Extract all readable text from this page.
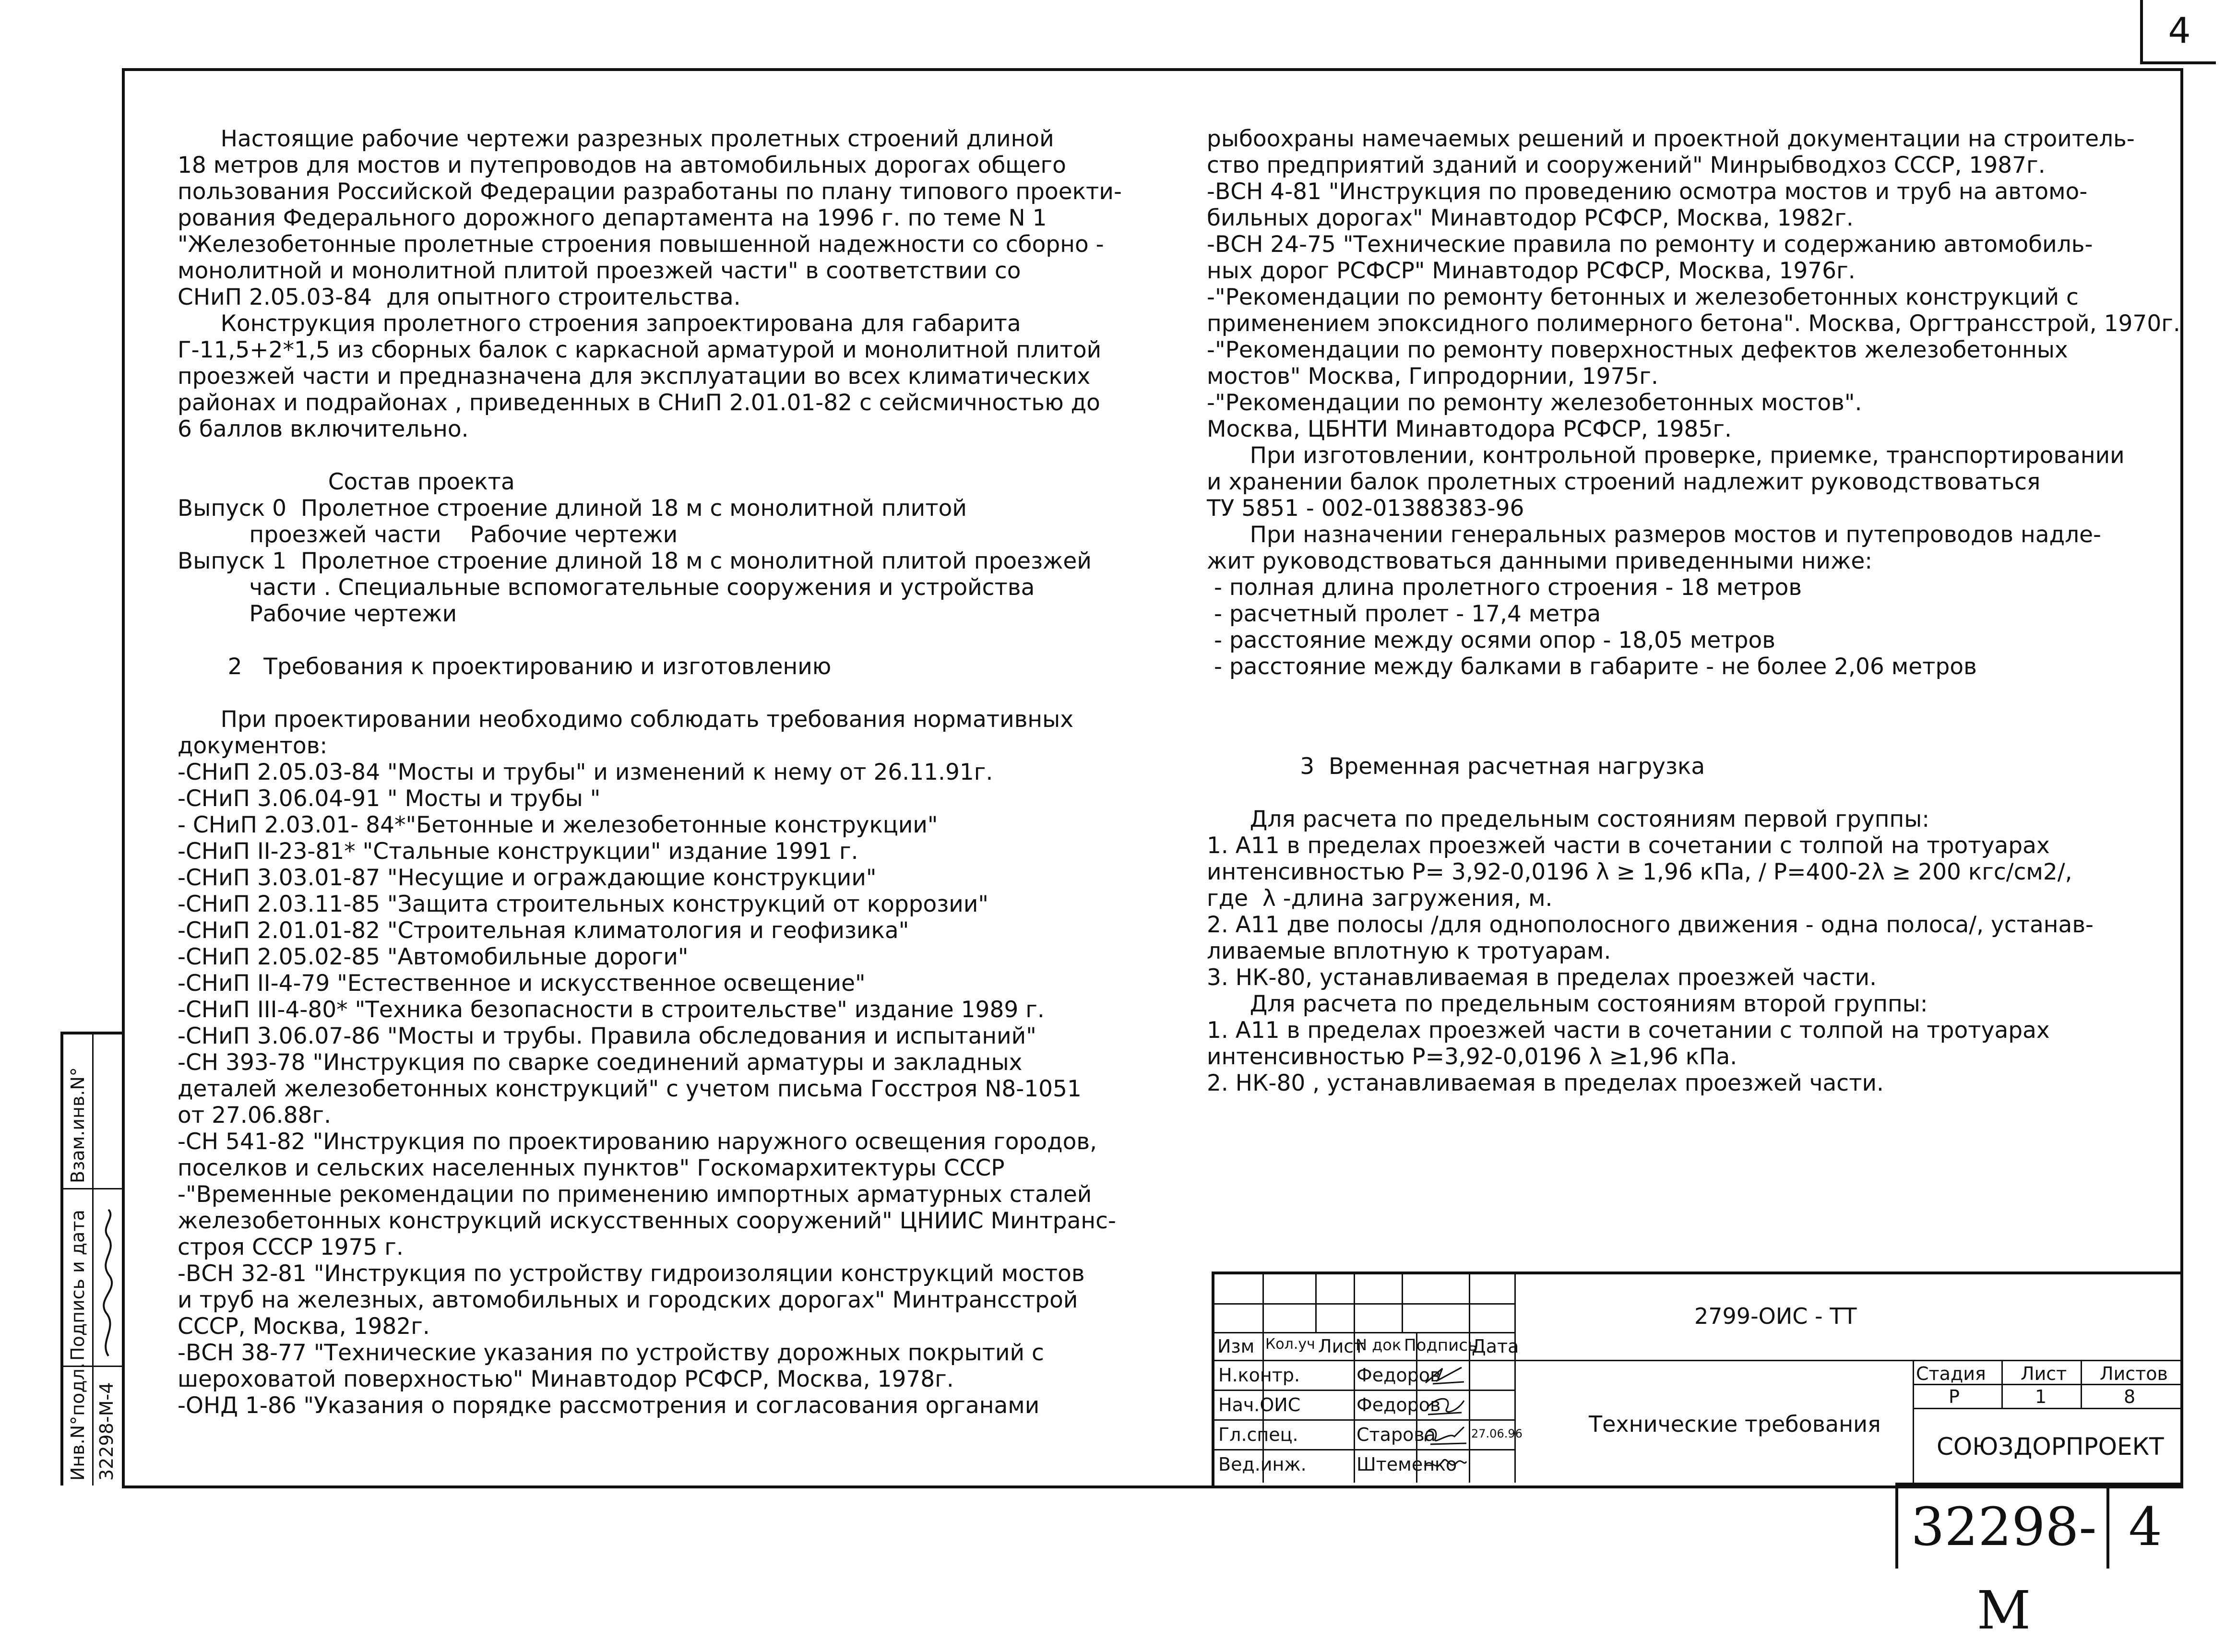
4
Настоящие рабочие чертежи разрезных пролетных строений длиной
18 метров для мостов и путепроводов на автомобильных дорогах общего
пользования Российской Федерации разработаны по плану типового проекти-
рования Федерального дорожного департамента на 1996 г. по теме N 1
"Железобетонные пролетные строения повышенной надежности со сборно -
монолитной и монолитной плитой проезжей части" в соответствии со
СНиП 2.05.03-84  для опытного строительства.
Конструкция пролетного строения запроектирована для габарита
Г-11,5+2*1,5 из сборных балок с каркасной арматурой и монолитной плитой
проезжей части и предназначена для эксплуатации во всех климатических
районах и подрайонах , приведенных в СНиП 2.01.01-82 с сейсмичностью до
6 баллов включительно.
Состав проекта
Выпуск 0  Пролетное строение длиной 18 м с монолитной плитой
проезжей части    Рабочие чертежи
Выпуск 1  Пролетное строение длиной 18 м с монолитной плитой проезжей
части . Специальные вспомогательные сооружения и устройства
Рабочие чертежи
2   Требования к проектированию и изготовлению
При проектировании необходимо соблюдать требования нормативных
документов:
-СНиП 2.05.03-84 "Мосты и трубы" и изменений к нему от 26.11.91г.
-СНиП 3.06.04-91 " Мосты и трубы "
- СНиП 2.03.01- 84*"Бетонные и железобетонные конструкции"
-СНиП II-23-81* "Стальные конструкции" издание 1991 г.
-СНиП 3.03.01-87 "Несущие и ограждающие конструкции"
-СНиП 2.03.11-85 "Защита строительных конструкций от коррозии"
-СНиП 2.01.01-82 "Строительная климатология и геофизика"
-СНиП 2.05.02-85 "Автомобильные дороги"
-СНиП II-4-79 "Естественное и искусственное освещение"
-СНиП III-4-80* "Техника безопасности в строительстве" издание 1989 г.
-СНиП 3.06.07-86 "Мосты и трубы. Правила обследования и испытаний"
-СН 393-78 "Инструкция по сварке соединений арматуры и закладных
деталей железобетонных конструкций" с учетом письма Госстроя N8-1051
от 27.06.88г.
-СН 541-82 "Инструкция по проектированию наружного освещения городов,
поселков и сельских населенных пунктов" Госкомархитектуры СССР
-"Временные рекомендации по применению импортных арматурных сталей
железобетонных конструкций искусственных сооружений" ЦНИИС Минтранс-
строя СССР 1975 г.
-ВСН 32-81 "Инструкция по устройству гидроизоляции конструкций мостов
и труб на железных, автомобильных и городских дорогах" Минтрансстрой
СССР, Москва, 1982г.
-ВСН 38-77 "Технические указания по устройству дорожных покрытий с
шероховатой поверхностью" Минавтодор РСФСР, Москва, 1978г.
-ОНД 1-86 "Указания о порядке рассмотрения и согласования органами
рыбоохраны намечаемых решений и проектной документации на строитель-
ство предприятий зданий и сооружений" Минрыбводхоз СССР, 1987г.
-ВСН 4-81 "Инструкция по проведению осмотра мостов и труб на автомо-
бильных дорогах" Минавтодор РСФСР, Москва, 1982г.
-ВСН 24-75 "Технические правила по ремонту и содержанию автомобиль-
ных дорог РСФСР" Минавтодор РСФСР, Москва, 1976г.
-"Рекомендации по ремонту бетонных и железобетонных конструкций с
применением эпоксидного полимерного бетона". Москва, Оргтрансстрой, 1970г.
-"Рекомендации по ремонту поверхностных дефектов железобетонных
мостов" Москва, Гипродорнии, 1975г.
-"Рекомендации по ремонту железобетонных мостов".
Москва, ЦБНТИ Минавтодора РСФСР, 1985г.
При изготовлении, контрольной проверке, приемке, транспортировании
и хранении балок пролетных строений надлежит руководствоваться
ТУ 5851 - 002-01388383-96
При назначении генеральных размеров мостов и путепроводов надле-
жит руководствоваться данными приведенными ниже:
- полная длина пролетного строения - 18 метров
- расчетный пролет - 17,4 метра
- расстояние между осями опор - 18,05 метров
- расстояние между балками в габарите - не более 2,06 метров
3  Временная расчетная нагрузка
Для расчета по предельным состояниям первой группы:
1. А11 в пределах проезжей части в сочетании с толпой на тротуарах
интенсивностью Р= 3,92-0,0196 λ ≥ 1,96 кПа, / Р=400-2λ ≥ 200 кгс/см2/,
где  λ -длина загружения, м.
2. А11 две полосы /для однополосного движения - одна полоса/, устанав-
ливаемые вплотную к тротуарам.
3. НК-80, устанавливаемая в пределах проезжей части.
Для расчета по предельным состояниям второй группы:
1. А11 в пределах проезжей части в сочетании с толпой на тротуарах
интенсивностью Р=3,92-0,0196 λ ≥1,96 кПа.
2. НК-80 , устанавливаемая в пределах проезжей части.
Инв.N°подл. 32298-М-4
Подпись и дата
Взам.инв.N°
2799-ОИС - ТТ
Изм Кол.уч Лист
N док Подпись
Дата
Н.контр.	Федоров
Нач.ОИС	Федоров
Гл.спец.	Старова	27.06.96
Вед.инж.	Штеменко
Технические требования
Стадия Лист Листов
Р	1	8
СОЮЗДОРПРОЕКТ
32298-М
4
